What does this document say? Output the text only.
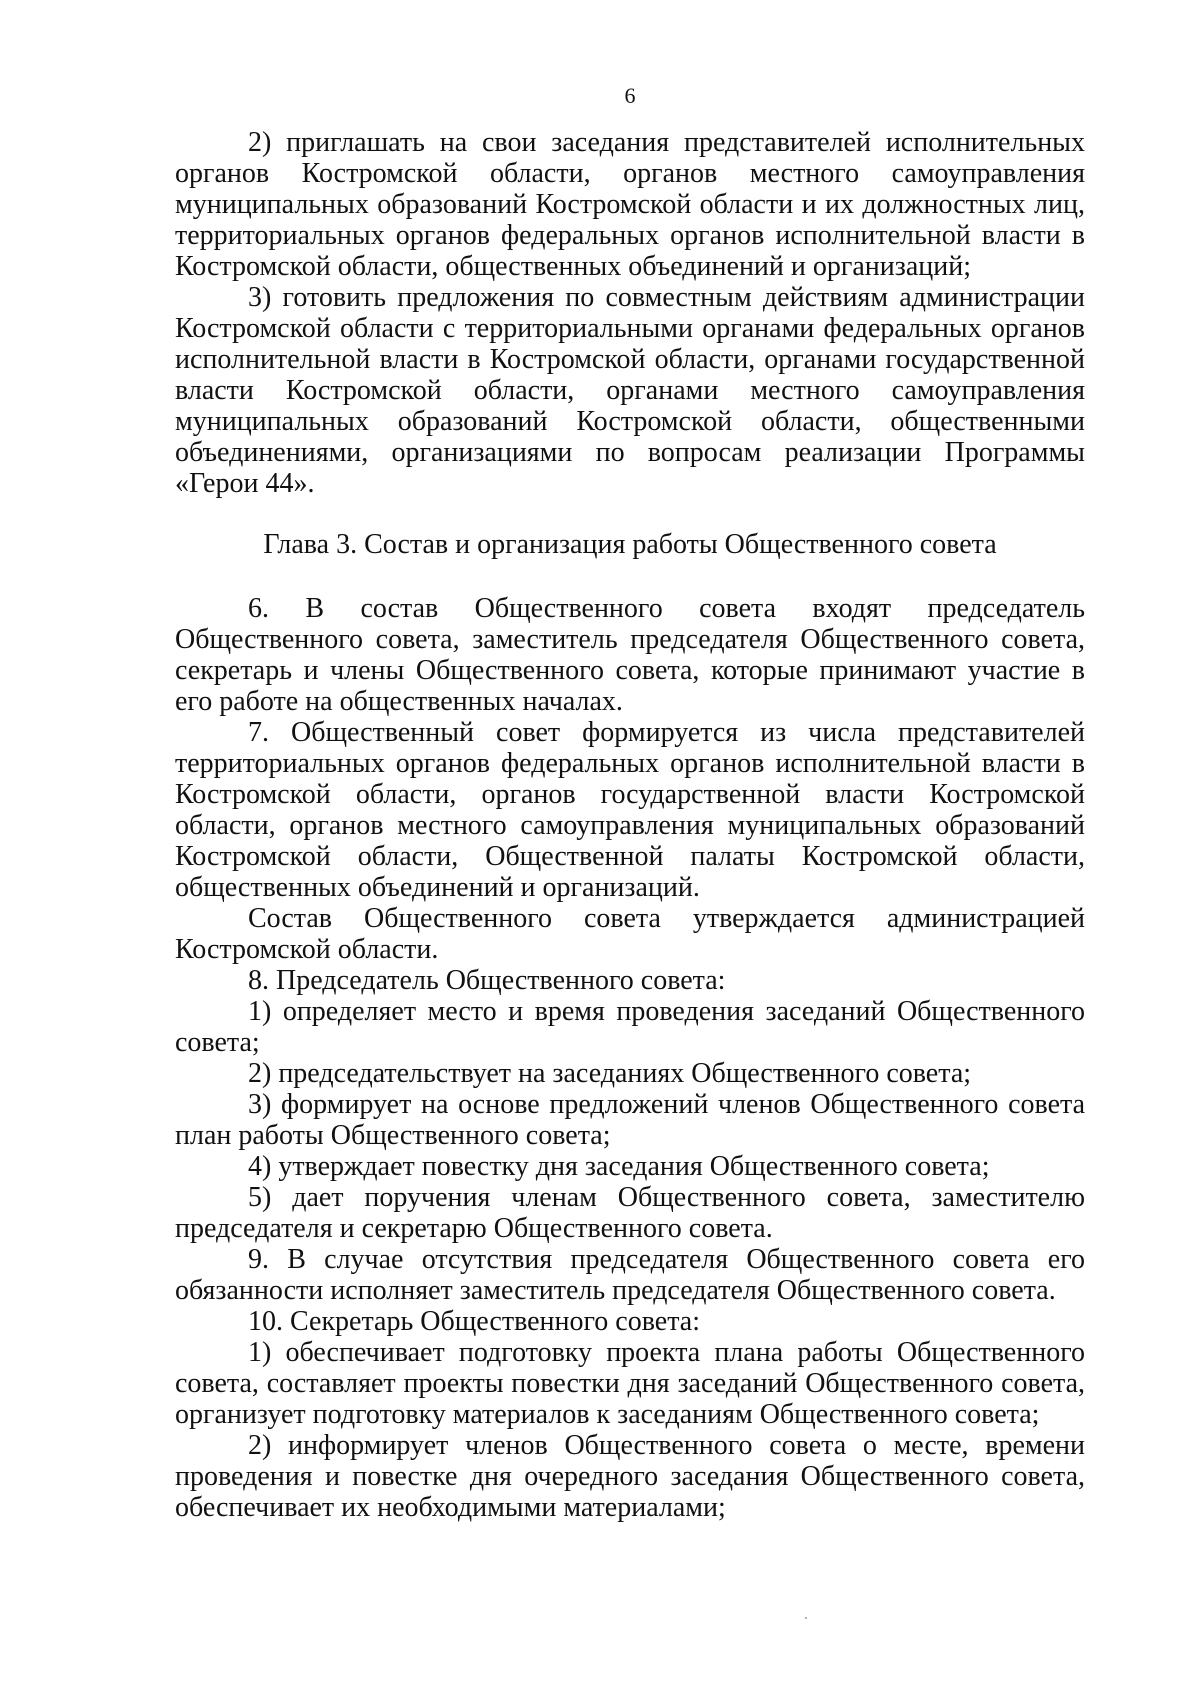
6

2) приглашать на свои заседания представителей исполнительных органов Костромской области, органов местного самоуправления муниципальных образований Костромской области и их должностных лиц, территориальных органов федеральных органов исполнительной власти в Костромской области, общественных объединений и организаций;

3) готовить предложения по совместным действиям администрации Костромской области с территориальными органами федеральных органов исполнительной власти в Костромской области, органами государственной власти Костромской области, органами местного самоуправления муниципальных образований Костромской области, общественными объединениями, организациями по вопросам реализации Программы «Герои 44».

Глава 3. Состав и организация работы Общественного совета

6. В состав Общественного совета входят председатель Общественного совета, заместитель председателя Общественного совета, секретарь и члены Общественного совета, которые принимают участие в его работе на общественных началах.

7. Общественный совет формируется из числа представителей территориальных органов федеральных органов исполнительной власти в Костромской области, органов государственной власти Костромской области, органов местного самоуправления муниципальных образований Костромской области, Общественной палаты Костромской области, общественных объединений и организаций.

Состав Общественного совета утверждается администрацией Костромской области.

8. Председатель Общественного совета:

1) определяет место и время проведения заседаний Общественного совета;

2) председательствует на заседаниях Общественного совета;

3) формирует на основе предложений членов Общественного совета план работы Общественного совета;

4) утверждает повестку дня заседания Общественного совета;

5) дает поручения членам Общественного совета, заместителю председателя и секретарю Общественного совета.

9. В случае отсутствия председателя Общественного совета его обязанности исполняет заместитель председателя Общественного совета.

10. Секретарь Общественного совета:

1) обеспечивает подготовку проекта плана работы Общественного совета, составляет проекты повестки дня заседаний Общественного совета, организует подготовку материалов к заседаниям Общественного совета;

2) информирует членов Общественного совета о месте, времени проведения и повестке дня очередного заседания Общественного совета, обеспечивает их необходимыми материалами;
